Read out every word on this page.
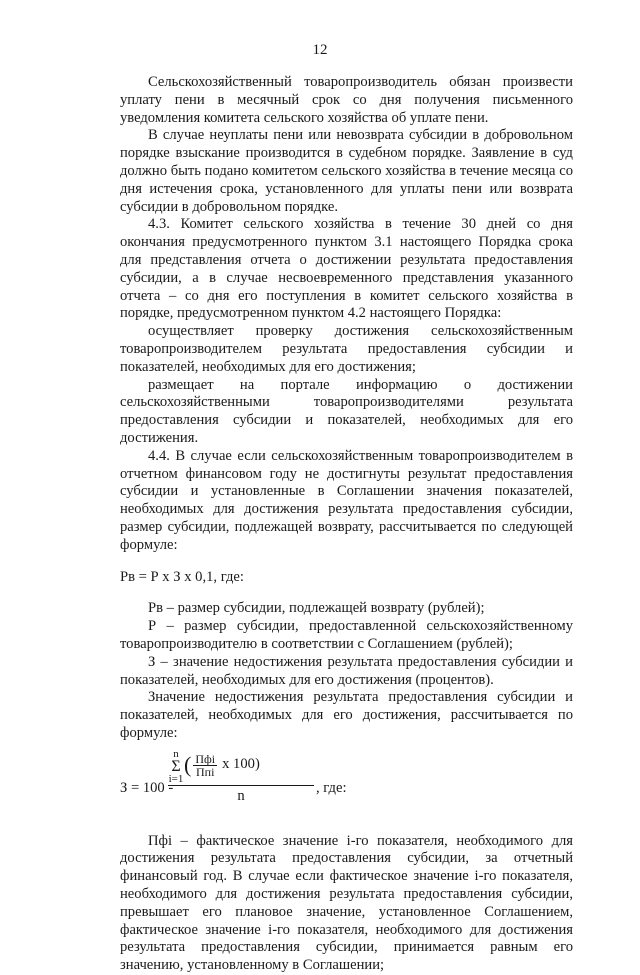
12

Сельскохозяйственный товаропроизводитель обязан произвести уплату пени в месячный срок со дня получения письменного уведомления комитета сельского хозяйства об уплате пени.

В случае неуплаты пени или невозврата субсидии в добровольном порядке взыскание производится в судебном порядке. Заявление в суд должно быть подано комитетом сельского хозяйства в течение месяца со дня истечения срока, установленного для уплаты пени или возврата субсидии в добровольном порядке.

4.3. Комитет сельского хозяйства в течение 30 дней со дня окончания предусмотренного пунктом 3.1 настоящего Порядка срока для представления отчета о достижении результата предоставления субсидии, а в случае несвоевременного представления указанного отчета – со дня его поступления в комитет сельского хозяйства в порядке, предусмотренном пунктом 4.2 настоящего Порядка:

осуществляет проверку достижения сельскохозяйственным товаропроизводителем результата предоставления субсидии и показателей, необходимых для его достижения;

размещает на портале информацию о достижении сельскохозяйственными товаропроизводителями результата предоставления субсидии и показателей, необходимых для его достижения.

4.4. В случае если сельскохозяйственным товаропроизводителем в отчетном финансовом году не достигнуты результат предоставления субсидии и установленные в Соглашении значения показателей, необходимых для достижения результата предоставления субсидии, размер субсидии, подлежащей возврату, рассчитывается по следующей формуле:

Рв = Р х З х 0,1, где:

Рв – размер субсидии, подлежащей возврату (рублей);

Р – размер субсидии, предоставленной сельскохозяйственному товаропроизводителю в соответствии с Соглашением (рублей);

З – значение недостижения результата предоставления субсидии и показателей, необходимых для его достижения (процентов).

Значение недостижения результата предоставления субсидии и показателей, необходимых для его достижения, рассчитывается по формуле:

З = 100 -
n
Σ
i=1
( Пфi
Ппi х 100)
n	, где:

Пфi – фактическое значение i-го показателя, необходимого для достижения результата предоставления субсидии, за отчетный финансовый год. В случае если фактическое значение i-го показателя, необходимого для достижения результата предоставления субсидии, превышает его плановое значение, установленное Соглашением, фактическое значение i-го показателя, необходимого для достижения результата предоставления субсидии, принимается равным его значению, установленному в Соглашении;
